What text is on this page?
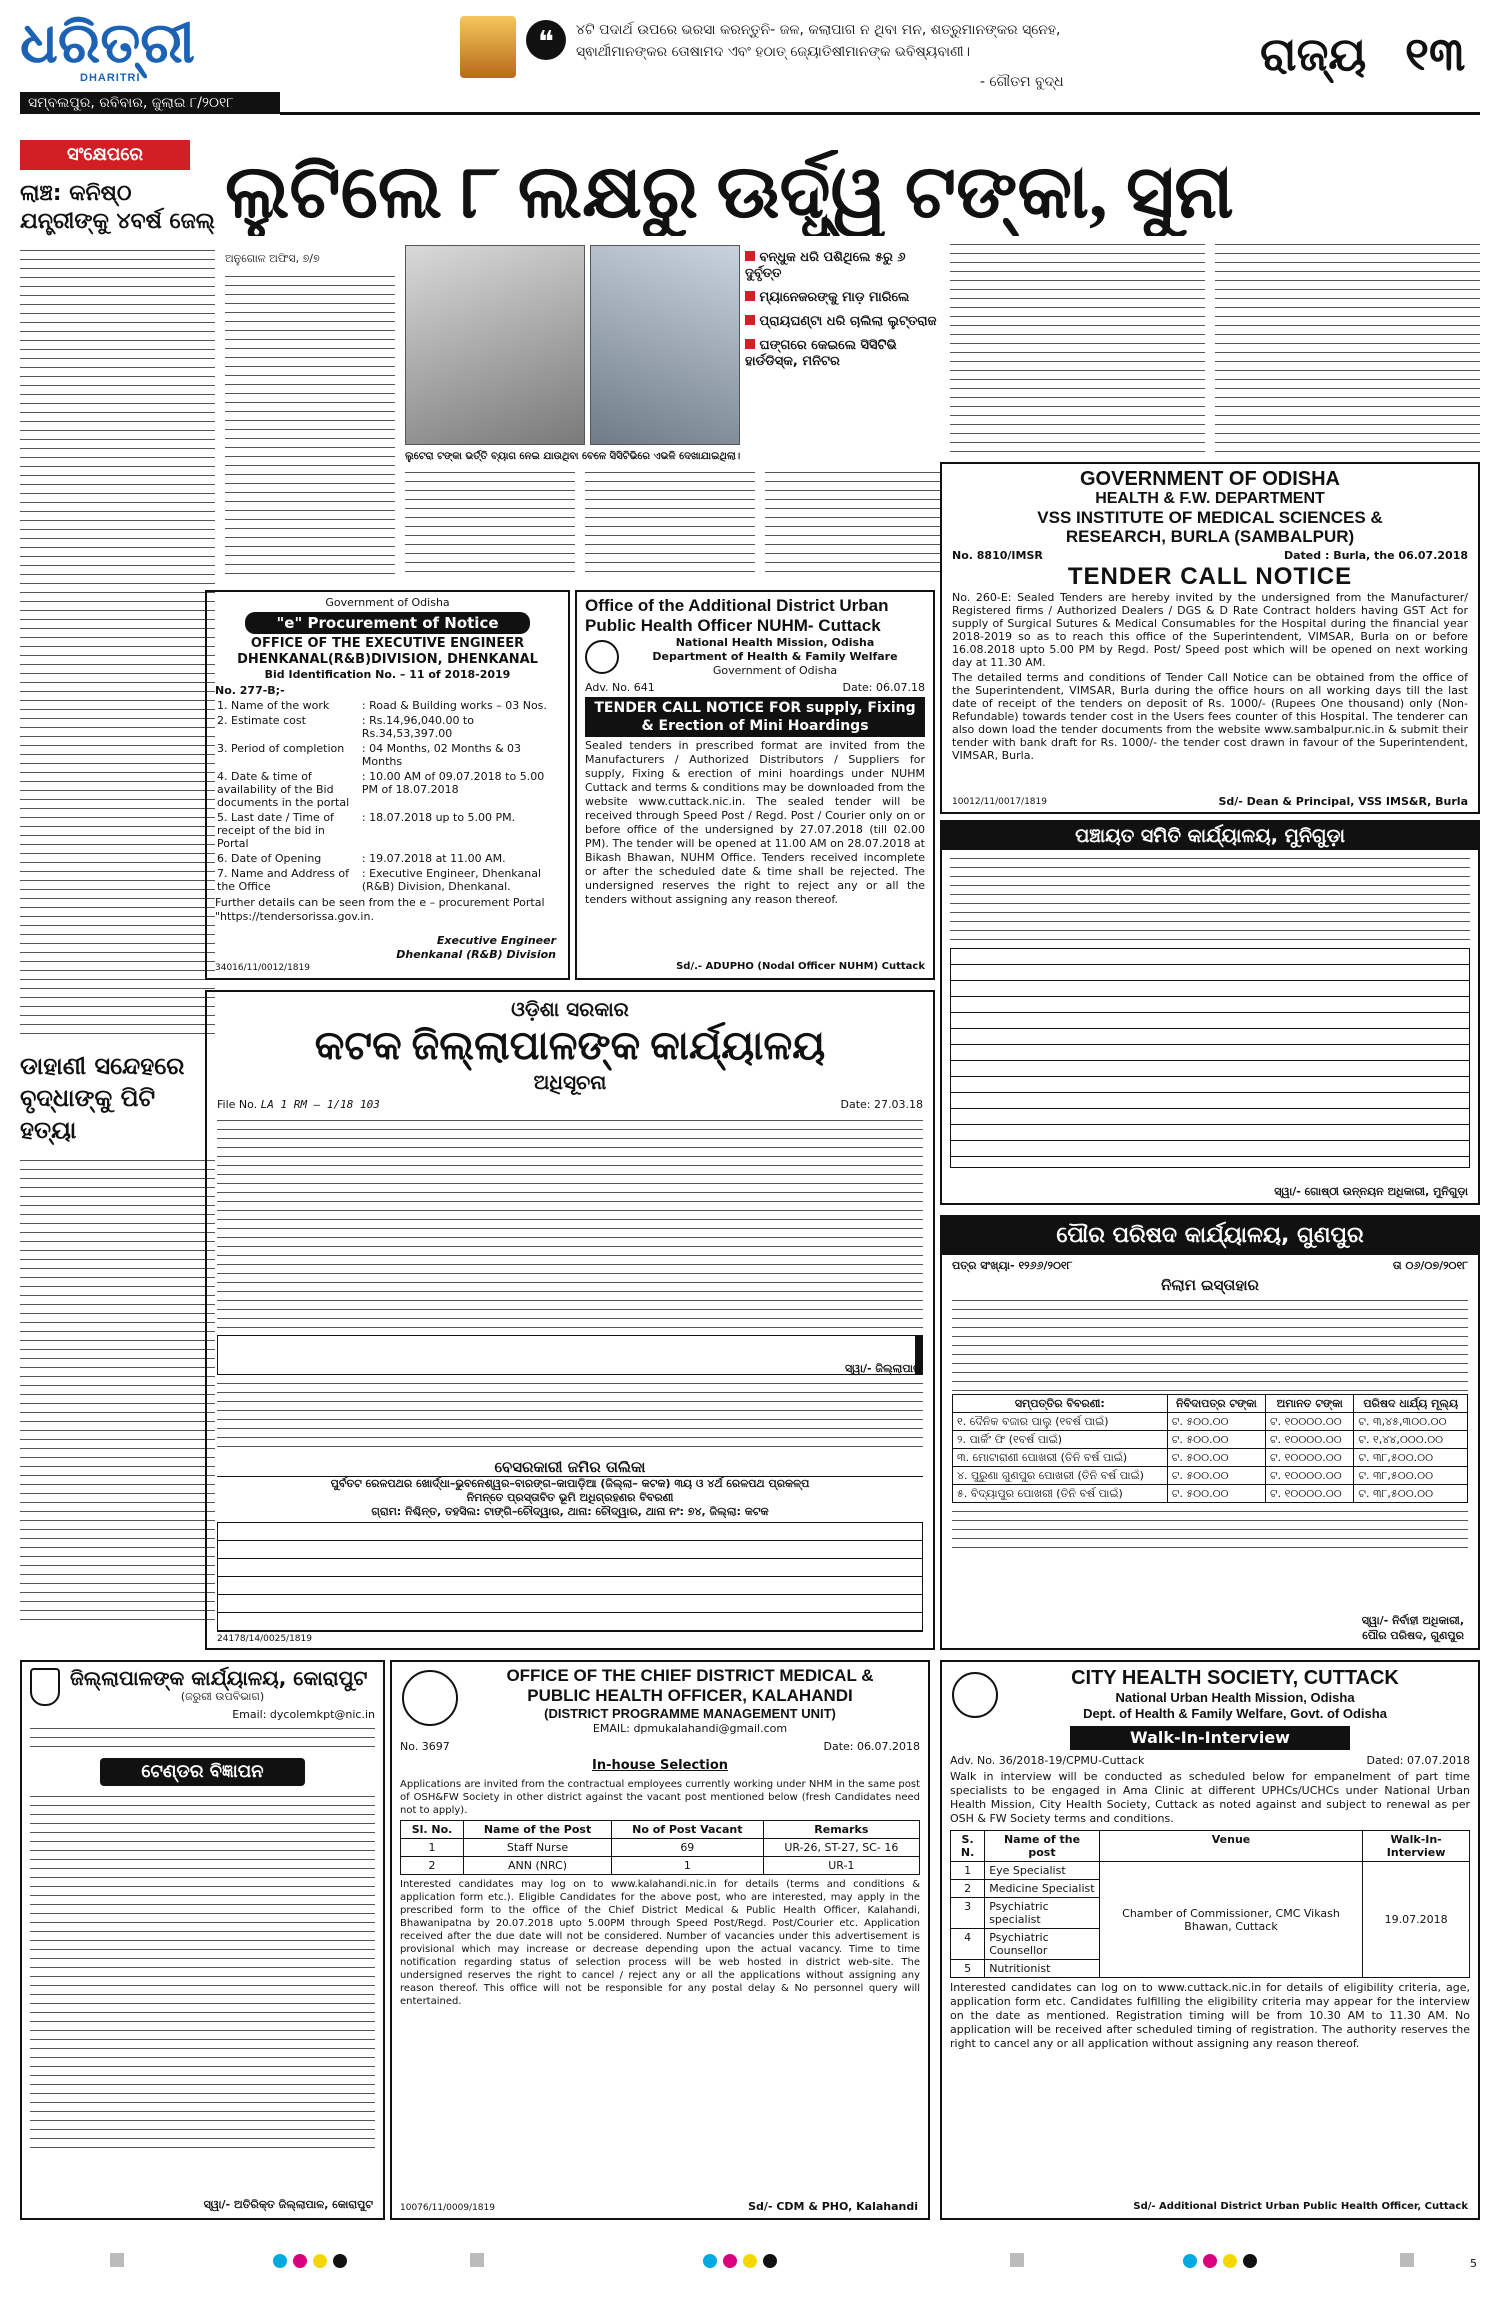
ଧରିତ୍ରୀ
DHARITRI
ସମ୍ବଲପୁର, ରବିବାର, ଜୁଲାଇ ୮/୨୦୧୮
❝	୪ଟି ପଦାର୍ଥ ଉପରେ ଭରସା କରନ୍ତୁନି- ଜଳ, କଲାପାଗ ନ ଥିବା ମନ, ଶତ୍ରୁମାନଙ୍କର ସ୍ନେହ,
ସ୍ଵାର୍ଥୀମାନଙ୍କର ତୋଷାମଦ ଏବଂ ହଠାତ୍ ଜ୍ୟୋତିଷୀମାନଙ୍କ ଭବିଷ୍ୟବାଣୀ।
- ଗୌତମ ବୁଦ୍ଧ
ରାଜ୍ୟ ୧୩
ସଂକ୍ଷେପରେ
ଲାଞ୍ଚ: କନିଷ୍ଠ ଯନ୍ତ୍ରୀଙ୍କୁ ୪ବର୍ଷ ଜେଲ୍
ଡାହାଣୀ ସନ୍ଦେହରେ ବୃଦ୍ଧାଙ୍କୁ ପିଟି ହତ୍ୟା
ଲୁଟିଲେ ୮ ଲକ୍ଷରୁ ଊର୍ଦ୍ଧ୍ୱ ଟଙ୍କା, ସୁନା
ଅନୁଗୋଳ ଅଫିସ, ୭/୭	ବନ୍ଧୁକ ଧରି ପଶିଥିଲେ ୫ରୁ ୬ ଦୁର୍ବୃତ୍ତ
ମ୍ୟାନେଜରଙ୍କୁ ମାଡ଼ ମାରିଲେ
ପ୍ରାୟଘଣ୍ଟା ଧରି ଚାଲିଲା ଲୁଟ୍‌ତରାଜ
ଘଙ୍ଗରେ କେଇଲେ ସିସିଟିଭି ହାର୍ଡଡିସ୍କ, ମନିଟର
ଲୁଟେରା ଟଙ୍କା ଭର୍ତ୍ତି ବ୍ୟାଗ ନେଇ ଯାଉଥିବା ବେଳେ ସିସିଟିଭିରେ ଏଭଳି ଦେଖାଯାଇଥିଲା।
Government of Odisha
"e" Procurement of Notice
OFFICE OF THE EXECUTIVE ENGINEER DHENKANAL(R&B)DIVISION, DHENKANAL
Bid Identification No. – 11 of 2018-2019
No. 277-B;-
1. Name of the work	: Road & Building works – 03 Nos.
2. Estimate cost	: Rs.14,96,040.00 to Rs.34,53,397.00
3. Period of completion	: 04 Months, 02 Months & 03 Months
4. Date & time of availability of the Bid documents in the portal	: 10.00 AM of 09.07.2018 to 5.00 PM of 18.07.2018
5. Last date / Time of receipt of the bid in Portal	: 18.07.2018 up to 5.00 PM.
6. Date of Opening	: 19.07.2018 at 11.00 AM.
7. Name and Address of the Office	: Executive Engineer, Dhenkanal (R&B) Division, Dhenkanal.
Further details can be seen from the e – procurement Portal "https://tendersorissa.gov.in.
Executive Engineer
Dhenkanal (R&B) Division
34016/11/0012/1819
Office of the Additional District Urban Public Health Officer NUHM- Cuttack
National Health Mission, Odisha
Department of Health & Family Welfare
Government of Odisha
Adv. No. 641	Date: 06.07.18
TENDER CALL NOTICE FOR supply, Fixing & Erection of Mini Hoardings
Sealed tenders in prescribed format are invited from the Manufacturers / Authorized Distributors / Suppliers for supply, Fixing & erection of mini hoardings under NUHM Cuttack and terms & conditions may be downloaded from the website www.cuttack.nic.in. The sealed tender will be received through Speed Post / Regd. Post / Courier only on or before office of the undersigned by 27.07.2018 (till 02.00 PM). The tender will be opened at 11.00 AM on 28.07.2018 at Bikash Bhawan, NUHM Office. Tenders received incomplete or after the scheduled date & time shall be rejected. The undersigned reserves the right to reject any or all the tenders without assigning any reason thereof.
Sd/.- ADUPHO (Nodal Officer NUHM) Cuttack
GOVERNMENT OF ODISHA
HEALTH & F.W. DEPARTMENT
VSS INSTITUTE OF MEDICAL SCIENCES &
RESEARCH, BURLA (SAMBALPUR)
No. 8810/IMSR	Dated : Burla, the 06.07.2018
TENDER CALL NOTICE
No. 260-E: Sealed Tenders are hereby invited by the undersigned from the Manufacturer/ Registered firms / Authorized Dealers / DGS & D Rate Contract holders having GST Act for supply of Surgical Sutures & Medical Consumables for the Hospital during the financial year 2018-2019 so as to reach this office of the Superintendent, VIMSAR, Burla on or before 16.08.2018 upto 5.00 PM by Regd. Post/ Speed post which will be opened on next working day at 11.30 AM.
The detailed terms and conditions of Tender Call Notice can be obtained from the office of the Superintendent, VIMSAR, Burla during the office hours on all working days till the last date of receipt of the tenders on deposit of Rs. 1000/- (Rupees One thousand) only (Non-Refundable) towards tender cost in the Users fees counter of this Hospital. The tenderer can also down load the tender documents from the website www.sambalpur.nic.in & submit their tender with bank draft for Rs. 1000/- the tender cost drawn in favour of the Superintendent, VIMSAR, Burla.
10012/11/0017/1819	Sd/- Dean & Principal, VSS IMS&R, Burla
ପଞ୍ଚାୟତ ସମିତି କାର୍ଯ୍ୟାଳୟ, ମୁନିଗୁଡ଼ା
ସ୍ୱା/- ଗୋଷ୍ଠୀ ଉନ୍ନୟନ ଅଧିକାରୀ, ମୁନିଗୁଡ଼ା
ଓଡ଼ିଶା ସରକାର
କଟକ ଜିଲ୍ଲାପାଳଙ୍କ କାର୍ଯ୍ୟାଳୟ
ଅଧିସୂଚନା
File No. LA 1 RM – 1/18 103	Date: 27.03.18
ବେସରକାରୀ ଜମିର ତାଲିକା
ପୁର୍ବତଟ ରେଳପଥର ଖୋର୍ଦ୍ଧା–ଭୁବନେଶ୍ୱର–ବାରଙ୍ଗ–କାପାଡ଼ିଆ (ଜିଲ୍ଲା– କଟକ) ୩ୟ ଓ ୪ର୍ଥ ରେଳପଥ ପ୍ରକଳ୍ପ
ନିମନ୍ତେ ପ୍ରସ୍ତାବିତ ଭୂମି ଅଧିଗ୍ରହଣର ବିବରଣୀ
ଗ୍ରାମ: ନିଶ୍ଚିନ୍ତ, ତହସିଲ: ଟାଙ୍ଗି–ଚୌଦ୍ୱାର, ଥାନା: ଚୌଦ୍ୱାର, ଥାନା ନଂ: ୭୪, ଜିଲ୍ଲା: କଟକ
ସ୍ୱା/- ଜିଲ୍ଲାପାଳ
24178/14/0025/1819
ପୌର ପରିଷଦ କାର୍ଯ୍ୟାଳୟ, ଗୁଣପୁର
ପତ୍ର ସଂଖ୍ୟା- ୧୨୬୬/୨୦୧୮	ତା ୦୬/୦୭/୨୦୧୮
ନିଲାମ ଇସ୍ତାହାର
ସମ୍ପତ୍ତିର ବିବରଣୀ:	ନିବିଦାପତ୍ର ଟଙ୍କା	ଅମାନତ ଟଙ୍କା	ପରିଷଦ ଧାର୍ଯ୍ୟ ମୂଲ୍ୟ
୧. ଦୈନିକ ବଜାର ପାଲୁ (୧ବର୍ଷ ପାଇଁ)	ଟ. ୫୦୦.୦୦	ଟ. ୧୦୦୦୦.୦୦	ଟ. ୩,୪୫,୩୦୦.୦୦
୨. ପାର୍କିଂ ଫି (୧ବର୍ଷ ପାଇଁ)	ଟ. ୫୦୦.୦୦	ଟ. ୧୦୦୦୦.୦୦	ଟ. ୧,୪୪,୦୦୦.୦୦
୩. ମୋଟାରାଣୀ ପୋଖରୀ (ତିନି ବର୍ଷ ପାଇଁ)	ଟ. ୫୦୦.୦୦	ଟ. ୧୦୦୦୦.୦୦	ଟ. ୩୮,୫୦୦.୦୦
୪. ପୁରୁଣା ଗୁଣପୁର ପୋଖରୀ (ତିନି ବର୍ଷ ପାଇଁ)	ଟ. ୫୦୦.୦୦	ଟ. ୧୦୦୦୦.୦୦	ଟ. ୩୮,୫୦୦.୦୦
୫. ବିଦ୍ୟାପୁର ପୋଖରୀ (ତିନି ବର୍ଷ ପାଇଁ)	ଟ. ୫୦୦.୦୦	ଟ. ୧୦୦୦୦.୦୦	ଟ. ୩୮,୫୦୦.୦୦
ସ୍ୱା/- ନିର୍ବାହୀ ଅଧିକାରୀ,
ପୌର ପରିଷଦ, ଗୁଣପୁର
ଜିଲ୍ଲାପାଳଙ୍କ କାର୍ଯ୍ୟାଳୟ, କୋରାପୁଟ
(ଜରୁରୀ ଉପବିଭାଗ)
Email: dycolemkpt@nic.in
ଟେଣ୍ଡର ବିଜ୍ଞାପନ
ସ୍ୱା/- ଅତିରିକ୍ତ ଜିଲ୍ଲାପାଳ, କୋରାପୁଟ
OFFICE OF THE CHIEF DISTRICT MEDICAL &
PUBLIC HEALTH OFFICER, KALAHANDI
(DISTRICT PROGRAMME MANAGEMENT UNIT)
EMAIL: dpmukalahandi@gmail.com
No. 3697	Date: 06.07.2018
In-house Selection
Applications are invited from the contractual employees currently working under NHM in the same post of OSH&FW Society in other district against the vacant post mentioned below (fresh Candidates need not to apply).
Sl. No.	Name of the Post	No of Post Vacant	Remarks
1	Staff Nurse	69	UR-26, ST-27, SC- 16
2	ANN (NRC)	1	UR-1
Interested candidates may log on to www.kalahandi.nic.in for details (terms and conditions & application form etc.). Eligible Candidates for the above post, who are interested, may apply in the prescribed form to the office of the Chief District Medical & Public Health Officer, Kalahandi, Bhawanipatna by 20.07.2018 upto 5.00PM through Speed Post/Regd. Post/Courier etc. Application received after the due date will not be considered. Number of vacancies under this advertisement is provisional which may increase or decrease depending upon the actual vacancy. Time to time notification regarding status of selection process will be web hosted in district web-site. The undersigned reserves the right to cancel / reject any or all the applications without assigning any reason thereof. This office will not be responsible for any postal delay & No personnel query will entertained.
10076/11/0009/1819	Sd/- CDM & PHO, Kalahandi
CITY HEALTH SOCIETY, CUTTACK
National Urban Health Mission, Odisha
Dept. of Health & Family Welfare, Govt. of Odisha
Walk-In-Interview
Adv. No. 36/2018-19/CPMU-Cuttack	Dated: 07.07.2018
Walk in interview will be conducted as scheduled below for empanelment of part time specialists to be engaged in Ama Clinic at different UPHCs/UCHCs under National Urban Health Mission, City Health Society, Cuttack as noted against and subject to renewal as per OSH & FW Society terms and conditions.
S. N.	Name of the post	Venue	Walk-In-Interview
1	Eye Specialist	Chamber of Commissioner, CMC Vikash Bhawan, Cuttack	19.07.2018
2	Medicine Specialist		
3	Psychiatric specialist		
4	Psychiatric Counsellor		
5	Nutritionist		
Interested candidates can log on to www.cuttack.nic.in for details of eligibility criteria, age, application form etc. Candidates fulfilling the eligibility criteria may appear for the interview on the date as mentioned. Registration timing will be from 10.30 AM to 11.30 AM. No application will be received after scheduled timing of registration. The authority reserves the right to cancel any or all application without assigning any reason thereof.
Sd/- Additional District Urban Public Health Officer, Cuttack
5
